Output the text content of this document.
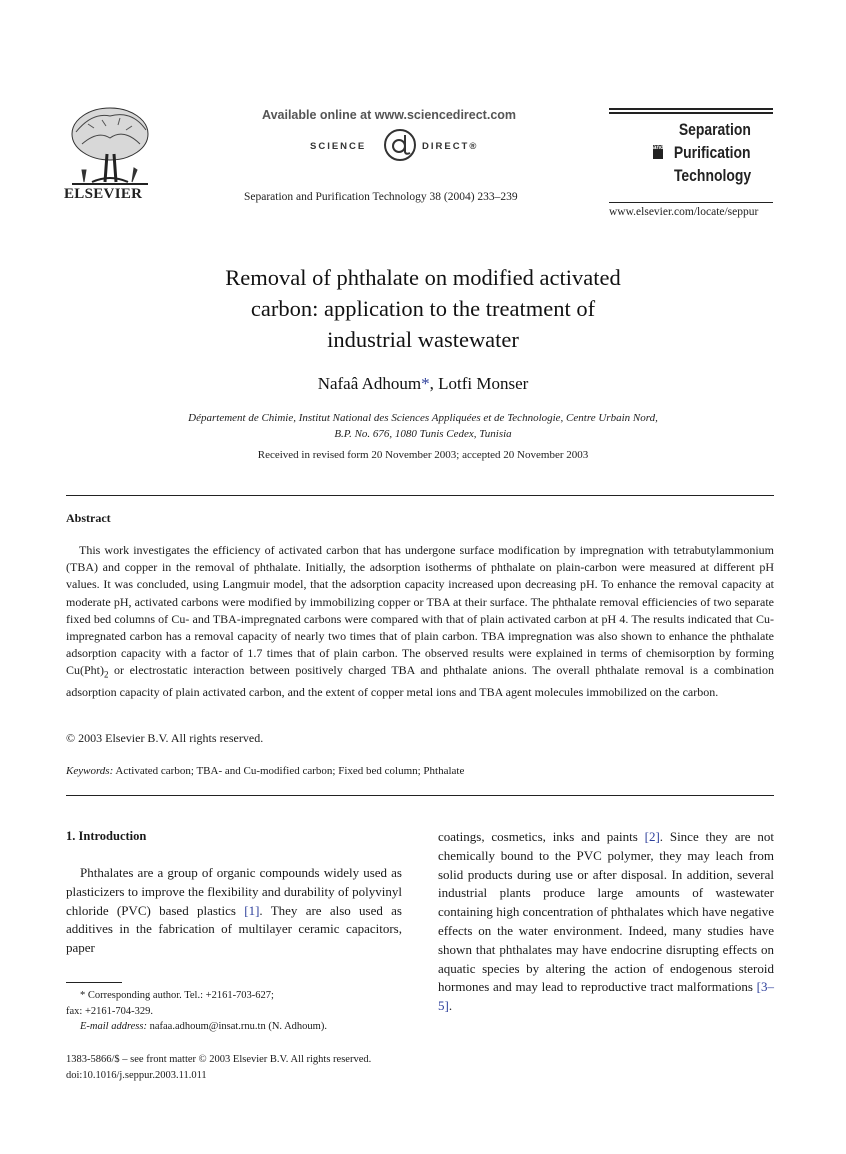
ELSEVIER
Available online at www.sciencedirect.com
SCIENCE	DIRECT®
Separation and Purification Technology 38 (2004) 233–239
Separation
and Purification
Technology
www.elsevier.com/locate/seppur
Removal of phthalate on modified activated
carbon: application to the treatment of
industrial wastewater
Nafaâ Adhoum*, Lotfi Monser
Département de Chimie, Institut National des Sciences Appliquées et de Technologie, Centre Urbain Nord,
B.P. No. 676, 1080 Tunis Cedex, Tunisia
Received in revised form 20 November 2003; accepted 20 November 2003
Abstract
This work investigates the efficiency of activated carbon that has undergone surface modification by impregnation with tetrabutylammonium (TBA) and copper in the removal of phthalate. Initially, the adsorption isotherms of phthalate on plain-carbon were measured at different pH values. It was concluded, using Langmuir model, that the adsorption capacity increased upon decreasing pH. To enhance the removal capacity at moderate pH, activated carbons were modified by immobilizing copper or TBA at their surface. The phthalate removal efficiencies of two separate fixed bed columns of Cu- and TBA-impregnated carbons were compared with that of plain activated carbon at pH 4. The results indicated that Cu-impregnated carbon has a removal capacity of nearly two times that of plain carbon. TBA impregnation was also shown to enhance the phthalate adsorption capacity with a factor of 1.7 times that of plain carbon. The observed results were explained in terms of chemisorption by forming $Cu(Pht)_2$ or electrostatic interaction between positively charged TBA and phthalate anions. The overall phthalate removal is a combination adsorption capacity of plain activated carbon, and the extent of copper metal ions and TBA agent molecules immobilized on the carbon.
© 2003 Elsevier B.V. All rights reserved.
Keywords: Activated carbon; TBA- and Cu-modified carbon; Fixed bed column; Phthalate
1. Introduction
Phthalates are a group of organic compounds widely used as plasticizers to improve the flexibility and durability of polyvinyl chloride (PVC) based plastics [1]. They are also used as additives in the fabrication of multilayer ceramic capacitors, paper
coatings, cosmetics, inks and paints [2]. Since they are not chemically bound to the PVC polymer, they may leach from solid products during use or after disposal. In addition, several industrial plants produce large amounts of wastewater containing high concentration of phthalates which have negative effects on the water environment. Indeed, many studies have shown that phthalates may have endocrine disrupting effects on aquatic species by altering the action of endogenous steroid hormones and may lead to reproductive tract malformations [3–5].
* Corresponding author. Tel.: +2161-703-627;
fax: +2161-704-329.
E-mail address: nafaa.adhoum@insat.rnu.tn (N. Adhoum).
1383-5866/$ – see front matter © 2003 Elsevier B.V. All rights reserved.
doi:10.1016/j.seppur.2003.11.011
